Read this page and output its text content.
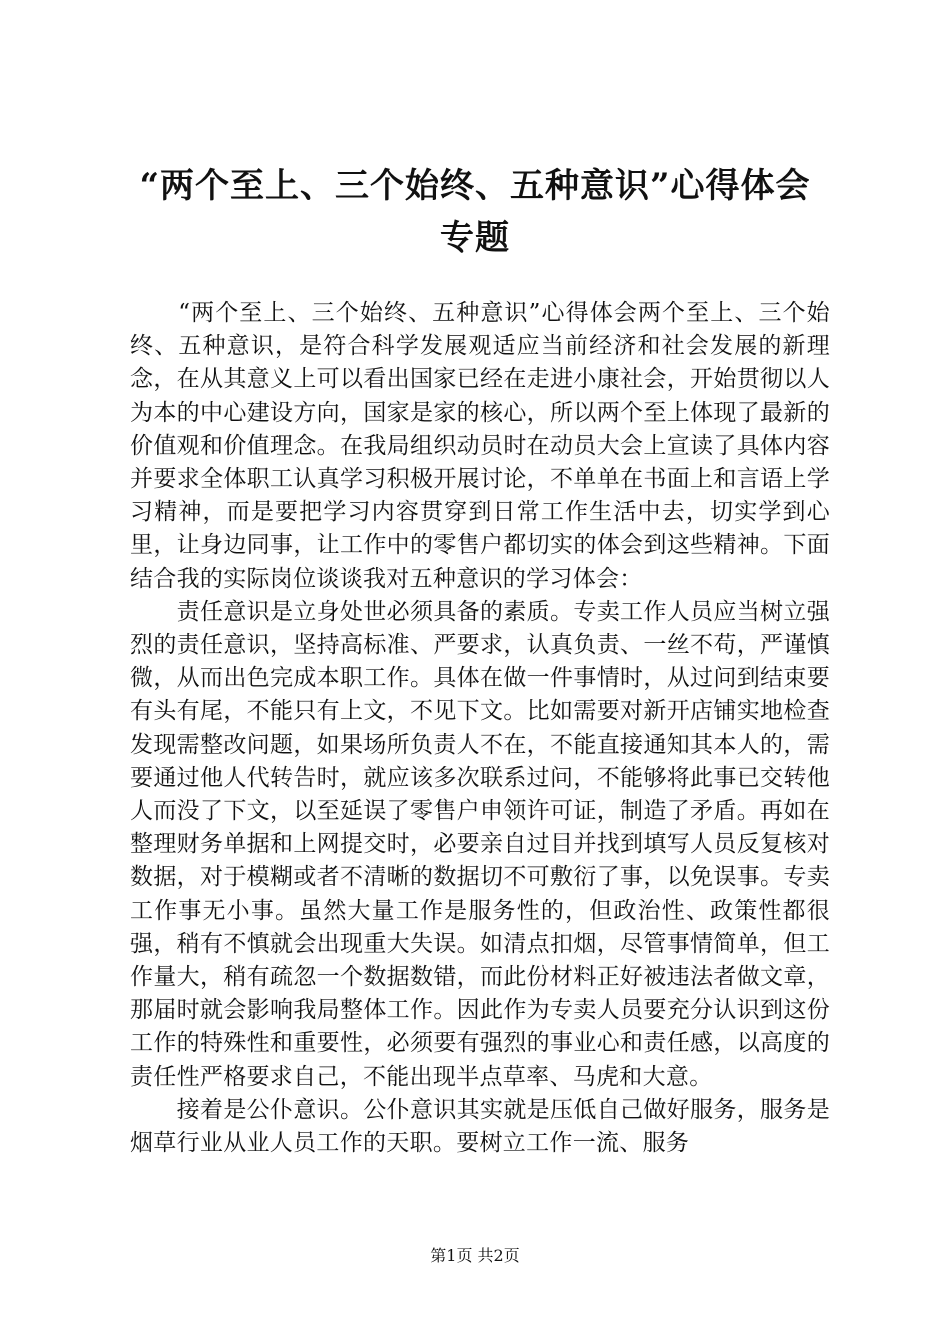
“两个至上、三个始终、五种意识”心得体会
专题

　　“两个至上、三个始终、五种意识”心得体会两个至上、三个始终、五种意识，是符合科学发展观适应当前经济和社会发展的新理念，在从其意义上可以看出国家已经在走进小康社会，开始贯彻以人为本的中心建设方向，国家是家的核心，所以两个至上体现了最新的价值观和价值理念。在我局组织动员时在动员大会上宣读了具体内容并要求全体职工认真学习积极开展讨论，不单单在书面上和言语上学习精神，而是要把学习内容贯穿到日常工作生活中去，切实学到心里，让身边同事，让工作中的零售户都切实的体会到这些精神。下面结合我的实际岗位谈谈我对五种意识的学习体会：

　　责任意识是立身处世必须具备的素质。专卖工作人员应当树立强烈的责任意识，坚持高标准、严要求，认真负责、一丝不苟，严谨慎微，从而出色完成本职工作。具体在做一件事情时，从过问到结束要有头有尾，不能只有上文，不见下文。比如需要对新开店铺实地检查发现需整改问题，如果场所负责人不在，不能直接通知其本人的，需要通过他人代转告时，就应该多次联系过问，不能够将此事已交转他人而没了下文，以至延误了零售户申领许可证，制造了矛盾。再如在整理财务单据和上网提交时，必要亲自过目并找到填写人员反复核对数据，对于模糊或者不清晰的数据切不可敷衍了事，以免误事。专卖工作事无小事。虽然大量工作是服务性的，但政治性、政策性都很强，稍有不慎就会出现重大失误。如清点扣烟，尽管事情简单，但工作量大，稍有疏忽一个数据数错，而此份材料正好被违法者做文章，那届时就会影响我局整体工作。因此作为专卖人员要充分认识到这份工作的特殊性和重要性，必须要有强烈的事业心和责任感，以高度的责任性严格要求自己，不能出现半点草率、马虎和大意。

　　接着是公仆意识。公仆意识其实就是压低自己做好服务，服务是烟草行业从业人员工作的天职。要树立工作一流、服务

第1页 共2页
